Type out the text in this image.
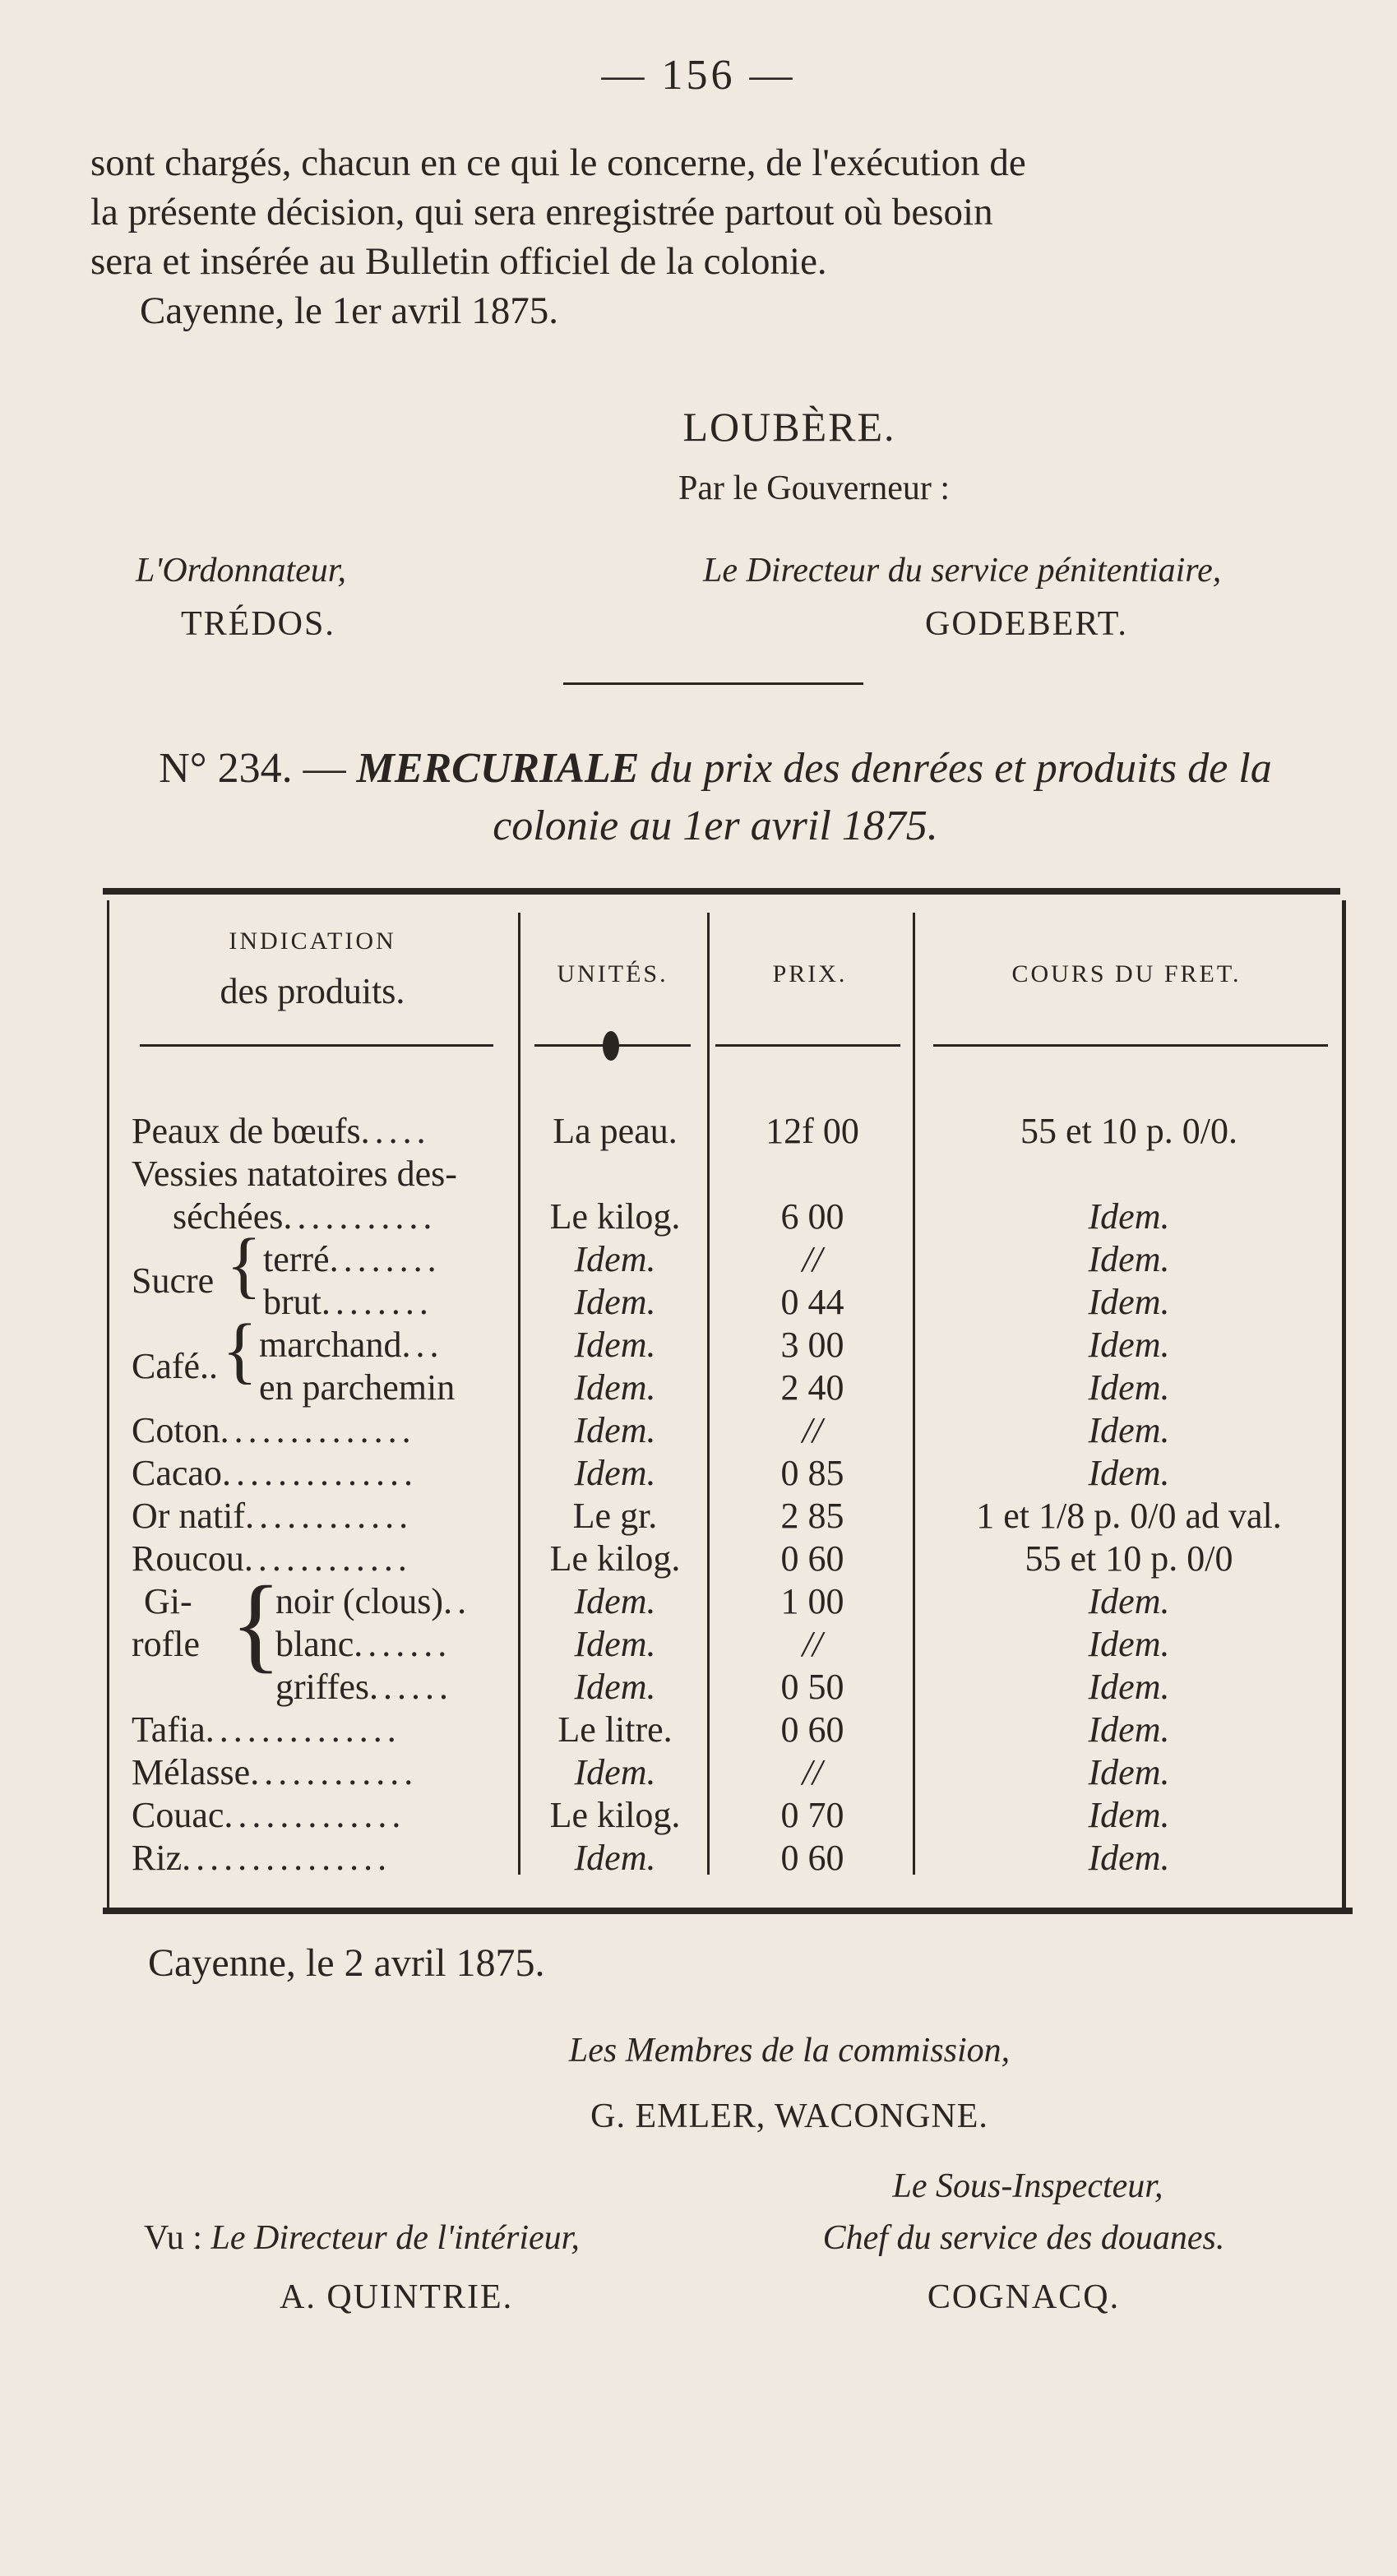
— 156 —
sont chargés, chacun en ce qui le concerne, de l'exécution de
la présente décision, qui sera enregistrée partout où besoin
sera et insérée au Bulletin officiel de la colonie.
Cayenne, le 1er avril 1875.
LOUBÈRE.
Par le Gouverneur :
L'Ordonnateur,
TRÉDOS.
Le Directeur du service pénitentiaire,
GODEBERT.
N° 234. — MERCURIALE du prix des denrées et produits de la
colonie au 1er avril 1875.
INDICATION
des produits.	UNITÉS.	PRIX.	COURS DU FRET.
Peaux de bœufs.....	La peau.	12f 00	55 et 10 p. 0/0.
Vessies natatoires des-
séchées...........	Le kilog.	6 00	Idem.
Sucre { terré........	Idem.	//	Idem.
brut........	Idem.	0 44	Idem.
Café.. { marchand...	Idem.	3 00	Idem.
en parchemin	Idem.	2 40	Idem.
Coton..............	Idem.	//	Idem.
Cacao..............	Idem.	0 85	Idem.
Or natif............	Le gr.	2 85	1 et 1/8 p. 0/0 ad val.
Roucou............	Le kilog.	0 60	55 et 10 p. 0/0
Gi-
rofle {
noir (clous)..	Idem.	1 00	Idem.
blanc.......	Idem.	//	Idem.
griffes......	Idem.	0 50	Idem.
Tafia..............	Le litre.	0 60	Idem.
Mélasse............	Idem.	//	Idem.
Couac.............	Le kilog.	0 70	Idem.
Riz...............	Idem.	0 60	Idem.
Cayenne, le 2 avril 1875.
Les Membres de la commission,
G. EMLER, WACONGNE.
Le Sous-Inspecteur,
Vu : Le Directeur de l'intérieur,	Chef du service des douanes.
A. QUINTRIE.	COGNACQ.
